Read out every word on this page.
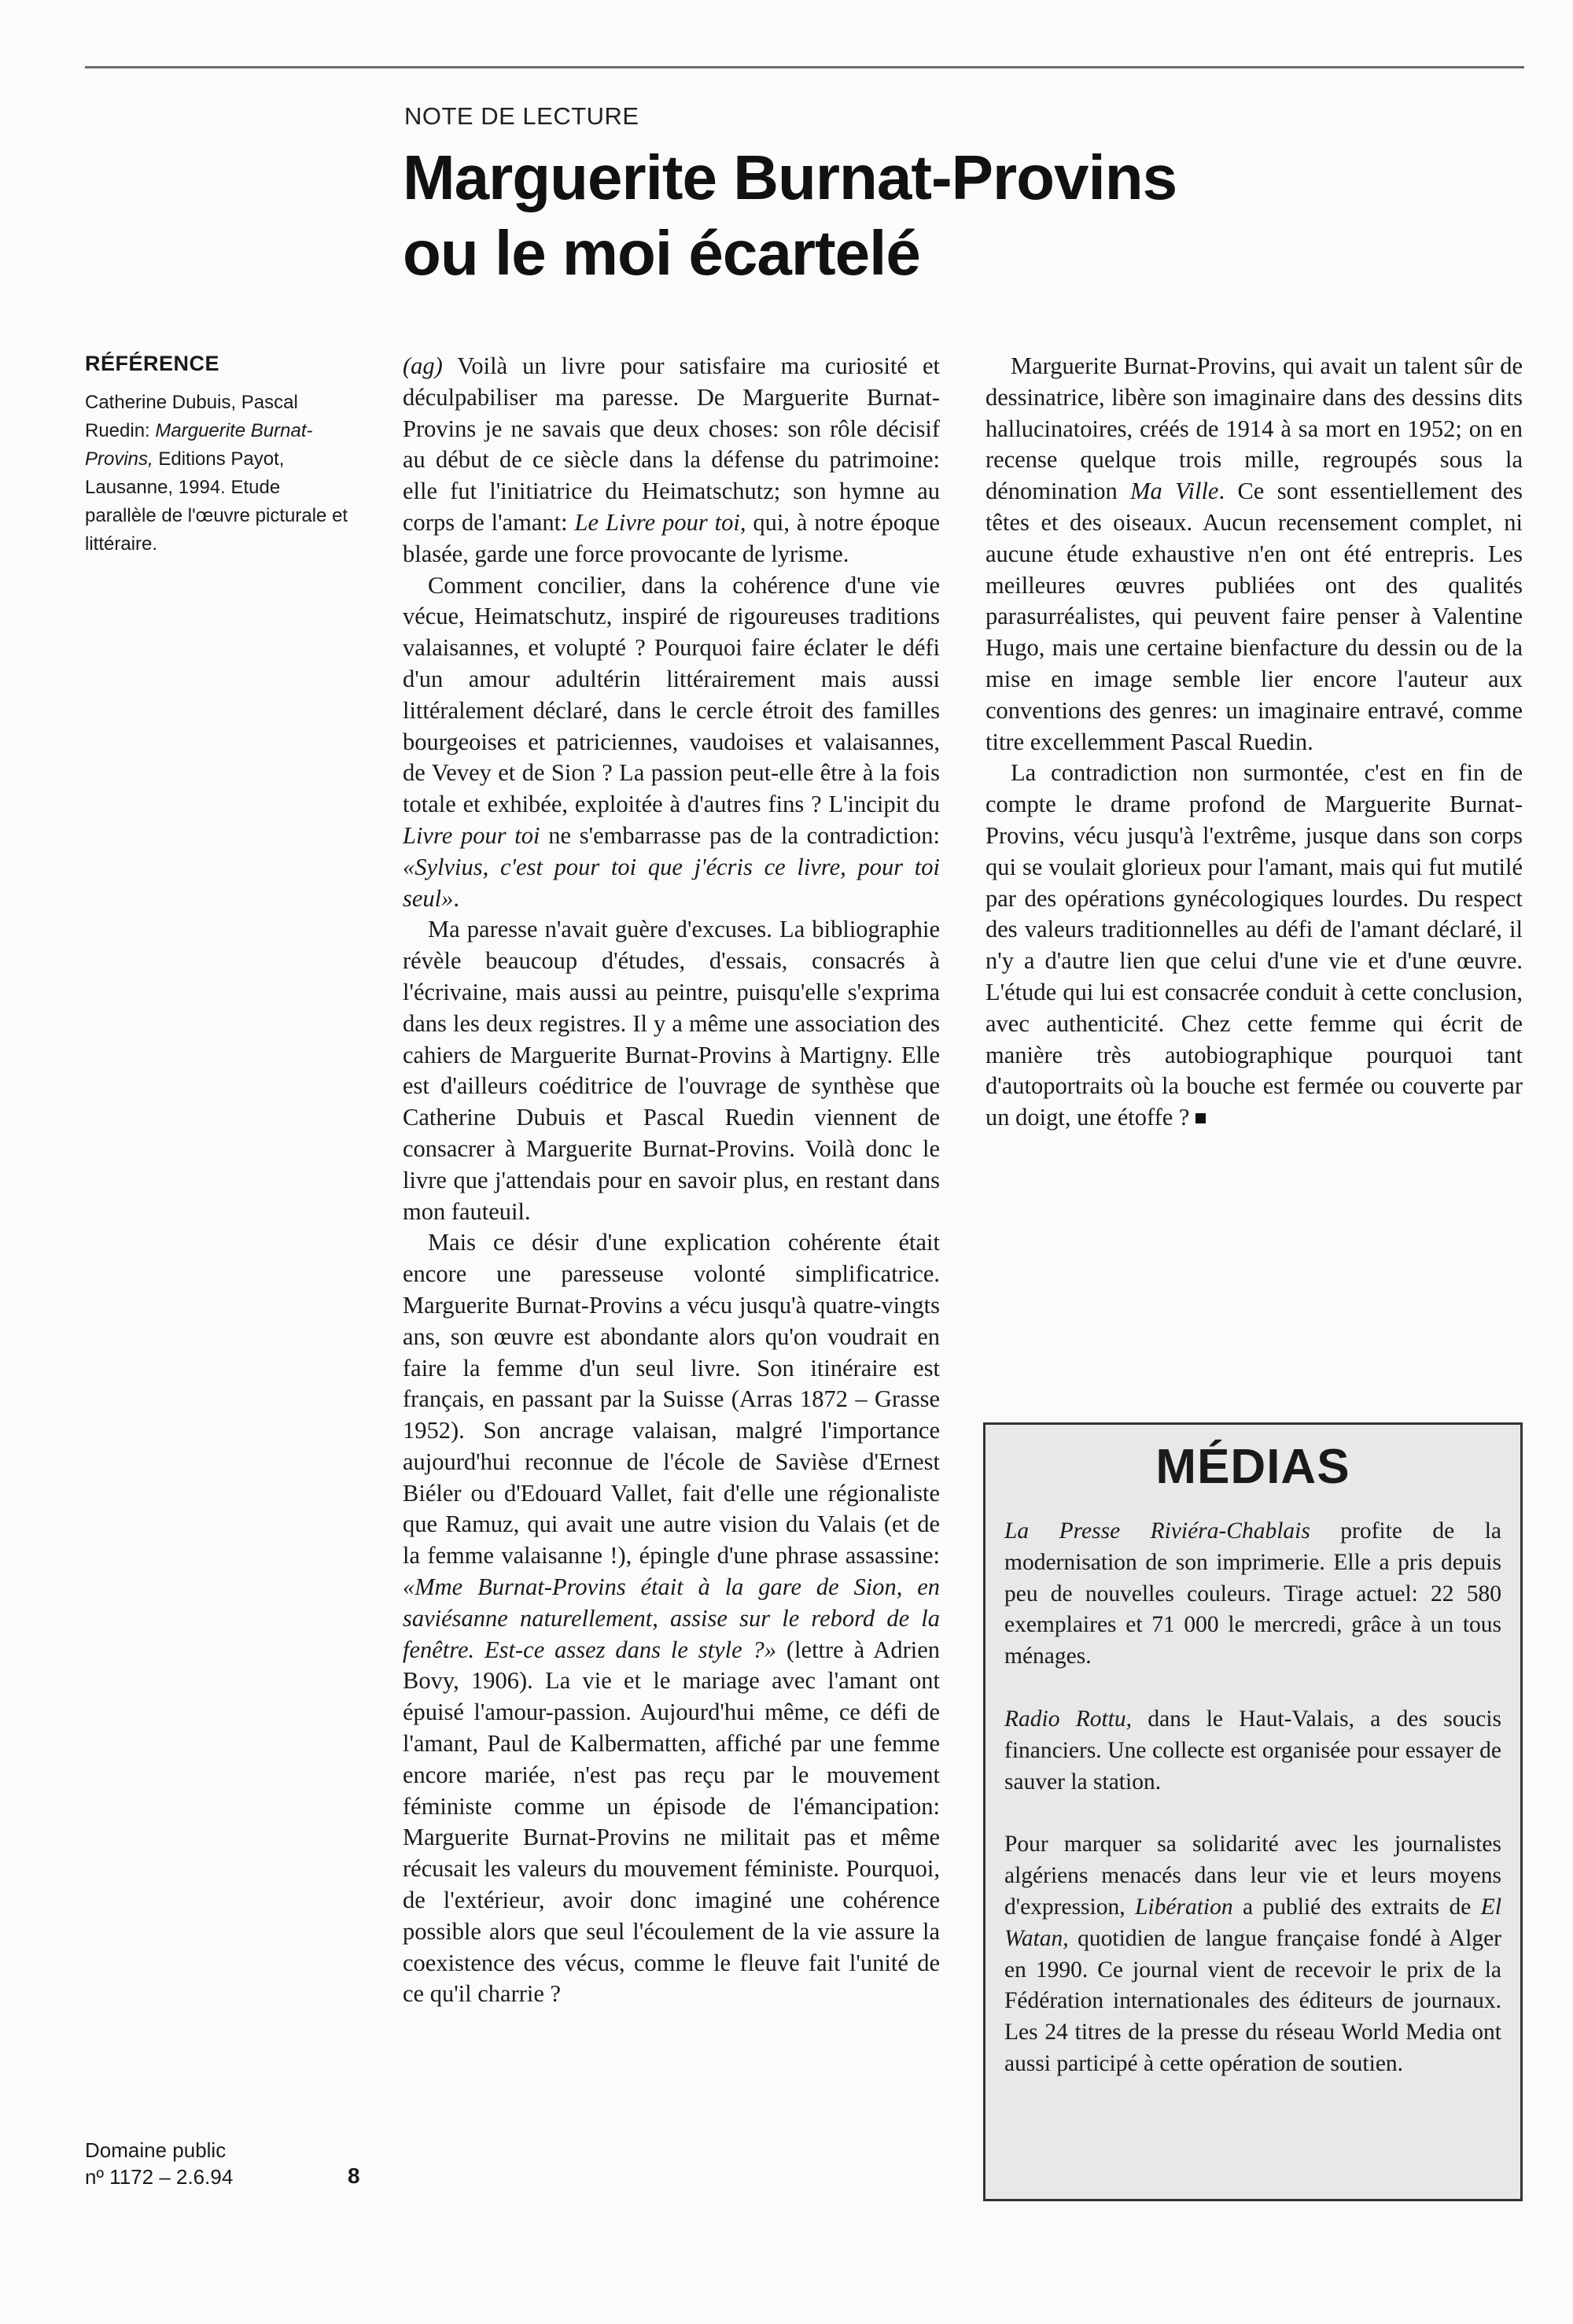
NOTE DE LECTURE
Marguerite Burnat-Provins
ou le moi écartelé
RÉFÉRENCE
Catherine Dubuis, Pascal Ruedin: Marguerite Burnat-Provins, Editions Payot, Lausanne, 1994. Etude parallèle de l'œuvre picturale et littéraire.
Domaine public
nº 1172 – 2.6.94	8

(ag) Voilà un livre pour satisfaire ma curiosité et déculpabiliser ma paresse. De Marguerite Burnat-Provins je ne savais que deux choses: son rôle décisif au début de ce siècle dans la défense du patrimoine: elle fut l'initiatrice du Heimatschutz; son hymne au corps de l'amant: Le Livre pour toi, qui, à notre époque blasée, garde une force provocante de lyrisme.

Comment concilier, dans la cohérence d'une vie vécue, Heimatschutz, inspiré de rigoureuses traditions valaisannes, et volupté ? Pourquoi faire éclater le défi d'un amour adultérin littérairement mais aussi littéralement déclaré, dans le cercle étroit des familles bourgeoises et patriciennes, vaudoises et valaisannes, de Vevey et de Sion ? La passion peut-elle être à la fois totale et exhibée, exploitée à d'autres fins ? L'incipit du Livre pour toi ne s'embarrasse pas de la contradiction: «Sylvius, c'est pour toi que j'écris ce livre, pour toi seul».

Ma paresse n'avait guère d'excuses. La bibliographie révèle beaucoup d'études, d'essais, consacrés à l'écrivaine, mais aussi au peintre, puisqu'elle s'exprima dans les deux registres. Il y a même une association des cahiers de Marguerite Burnat-Provins à Martigny. Elle est d'ailleurs coéditrice de l'ouvrage de synthèse que Catherine Dubuis et Pascal Ruedin viennent de consacrer à Marguerite Burnat-Provins. Voilà donc le livre que j'attendais pour en savoir plus, en restant dans mon fauteuil.

Mais ce désir d'une explication cohérente était encore une paresseuse volonté simplificatrice. Marguerite Burnat-Provins a vécu jusqu'à quatre-vingts ans, son œuvre est abondante alors qu'on voudrait en faire la femme d'un seul livre. Son itinéraire est français, en passant par la Suisse (Arras 1872 – Grasse 1952). Son ancrage valaisan, malgré l'importance aujourd'hui reconnue de l'école de Savièse d'Ernest Biéler ou d'Edouard Vallet, fait d'elle une régionaliste que Ramuz, qui avait une autre vision du Valais (et de la femme valaisanne !), épingle d'une phrase assassine: «Mme Burnat-Provins était à la gare de Sion, en saviésanne naturellement, assise sur le rebord de la fenêtre. Est-ce assez dans le style ?» (lettre à Adrien Bovy, 1906). La vie et le mariage avec l'amant ont épuisé l'amour-passion. Aujourd'hui même, ce défi de l'amant, Paul de Kalbermatten, affiché par une femme encore mariée, n'est pas reçu par le mouvement féministe comme un épisode de l'émancipation: Marguerite Burnat-Provins ne militait pas et même récusait les valeurs du mouvement féministe. Pourquoi, de l'extérieur, avoir donc imaginé une cohérence possible alors que seul l'écoulement de la vie assure la coexistence des vécus, comme le fleuve fait l'unité de ce qu'il charrie ?

Marguerite Burnat-Provins, qui avait un talent sûr de dessinatrice, libère son imaginaire dans des dessins dits hallucinatoires, créés de 1914 à sa mort en 1952; on en recense quelque trois mille, regroupés sous la dénomination Ma Ville. Ce sont essentiellement des têtes et des oiseaux. Aucun recensement complet, ni aucune étude exhaustive n'en ont été entrepris. Les meilleures œuvres publiées ont des qualités parasurréalistes, qui peuvent faire penser à Valentine Hugo, mais une certaine bienfacture du dessin ou de la mise en image semble lier encore l'auteur aux conventions des genres: un imaginaire entravé, comme titre excellemment Pascal Ruedin.

La contradiction non surmontée, c'est en fin de compte le drame profond de Marguerite Burnat-Provins, vécu jusqu'à l'extrême, jusque dans son corps qui se voulait glorieux pour l'amant, mais qui fut mutilé par des opérations gynécologiques lourdes. Du respect des valeurs traditionnelles au défi de l'amant déclaré, il n'y a d'autre lien que celui d'une vie et d'une œuvre. L'étude qui lui est consacrée conduit à cette conclusion, avec authenticité. Chez cette femme qui écrit de manière très autobiographique pourquoi tant d'autoportraits où la bouche est fermée ou couverte par un doigt, une étoffe ?

MÉDIAS

La Presse Riviéra-Chablais profite de la modernisation de son imprimerie. Elle a pris depuis peu de nouvelles couleurs. Tirage actuel: 22 580 exemplaires et 71 000 le mercredi, grâce à un tous ménages.

Radio Rottu, dans le Haut-Valais, a des soucis financiers. Une collecte est organisée pour essayer de sauver la station.

Pour marquer sa solidarité avec les journalistes algériens menacés dans leur vie et leurs moyens d'expression, Libération a publié des extraits de El Watan, quotidien de langue française fondé à Alger en 1990. Ce journal vient de recevoir le prix de la Fédération internationales des éditeurs de journaux. Les 24 titres de la presse du réseau World Media ont aussi participé à cette opération de soutien.
